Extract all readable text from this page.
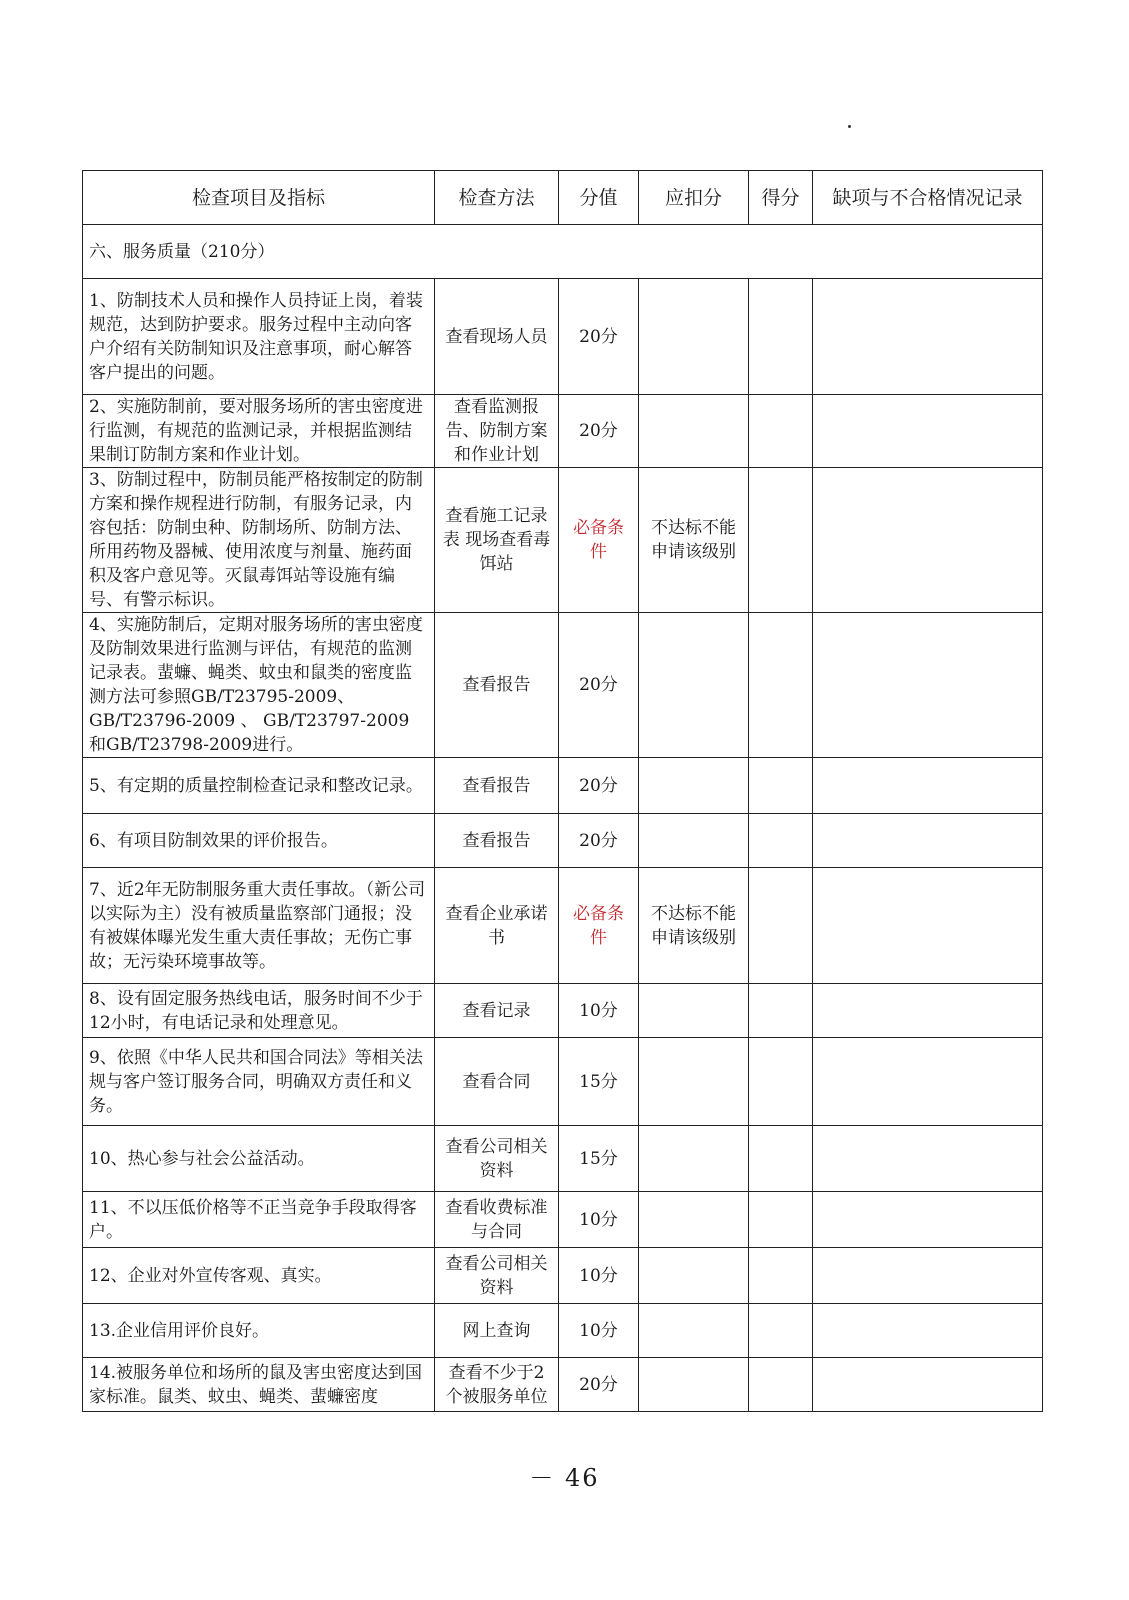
检查项目及指标	检查方法	分值	应扣分	得分	缺项与不合格情况记录
六、服务质量（210分）					
1、防制技术人员和操作人员持证上岗，着装规范，达到防护要求。服务过程中主动向客户介绍有关防制知识及注意事项，耐心解答客户提出的问题。	查看现场人员	20分			
2、实施防制前，要对服务场所的害虫密度进行监测，有规范的监测记录，并根据监测结果制订防制方案和作业计划。	查看监测报告、防制方案和作业计划	20分			
3、防制过程中，防制员能严格按制定的防制方案和操作规程进行防制，有服务记录，内容包括：防制虫种、防制场所、防制方法、所用药物及器械、使用浓度与剂量、施药面积及客户意见等。灭鼠毒饵站等设施有编号、有警示标识。	查看施工记录表 现场查看毒饵站	必备条件	不达标不能申请该级别		
4、实施防制后，定期对服务场所的害虫密度及防制效果进行监测与评估，有规范的监测记录表。蜚蠊、蝇类、蚊虫和鼠类的密度监测方法可参照GB/T23795-2009、GB/T23796-2009 、 GB/T23797-2009 和GB/T23798-2009进行。	查看报告	20分			
5、有定期的质量控制检查记录和整改记录。	查看报告	20分			
6、有项目防制效果的评价报告。	查看报告	20分			
7、近2年无防制服务重大责任事故。（新公司以实际为主）没有被质量监察部门通报；没有被媒体曝光发生重大责任事故；无伤亡事故；无污染环境事故等。	查看企业承诺书	必备条件	不达标不能申请该级别		
8、设有固定服务热线电话，服务时间不少于12小时，有电话记录和处理意见。	查看记录	10分			
9、依照《中华人民共和国合同法》等相关法规与客户签订服务合同，明确双方责任和义务。	查看合同	15分			
10、热心参与社会公益活动。	查看公司相关资料	15分			
11、不以压低价格等不正当竞争手段取得客户。	查看收费标准与合同	10分			
12、企业对外宣传客观、真实。	查看公司相关资料	10分			
13.企业信用评价良好。	网上查询	10分			
14.被服务单位和场所的鼠及害虫密度达到国家标准。鼠类、蚊虫、蝇类、蜚蠊密度	查看不少于2个被服务单位	20分			
－ 46
